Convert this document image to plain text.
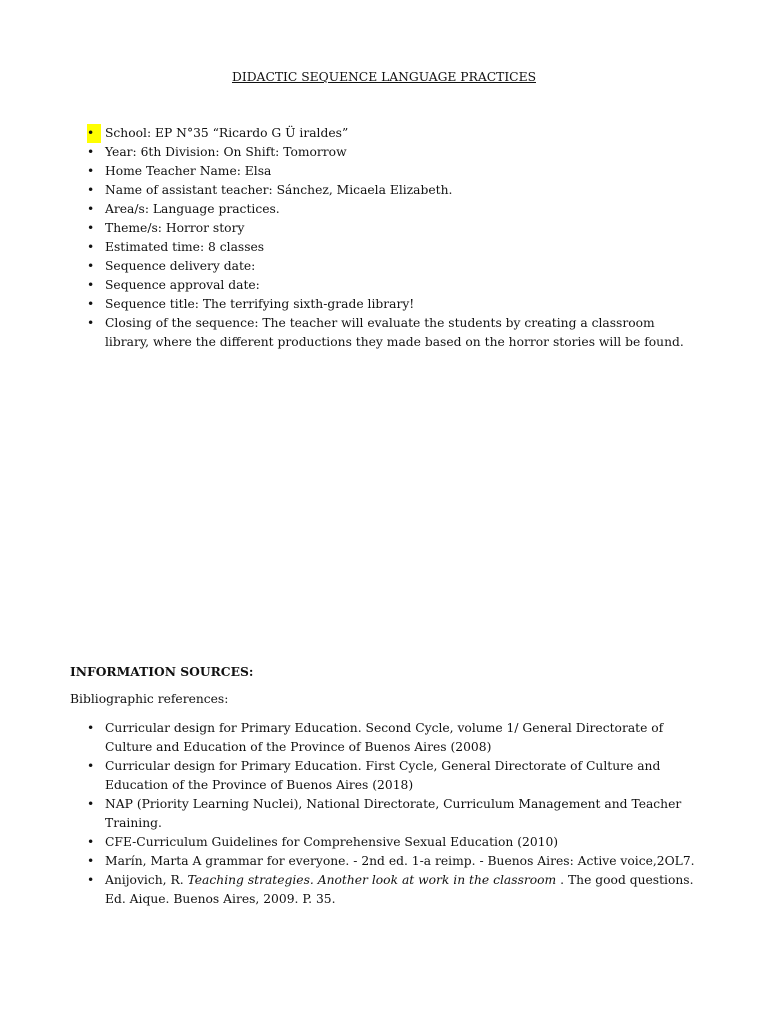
DIDACTIC SEQUENCE LANGUAGE PRACTICES
• School: EP N°35 “Ricardo G Ü iraldes”
• Year: 6th Division: On Shift: Tomorrow
• Home Teacher Name: Elsa
• Name of assistant teacher: Sánchez, Micaela Elizabeth.
• Area/s: Language practices.
• Theme/s: Horror story
• Estimated time: 8 classes
• Sequence delivery date:
• Sequence approval date:
• Sequence title: The terrifying sixth-grade library!
• Closing of the sequence: The teacher will evaluate the students by creating a classroom library, where the different productions they made based on the horror stories will be found.
INFORMATION SOURCES:
Bibliographic references:
• Curricular design for Primary Education. Second Cycle, volume 1/ General Directorate of Culture and Education of the Province of Buenos Aires (2008)
• Curricular design for Primary Education. First Cycle, General Directorate of Culture and Education of the Province of Buenos Aires (2018)
• NAP (Priority Learning Nuclei), National Directorate, Curriculum Management and Teacher Training.
• CFE-Curriculum Guidelines for Comprehensive Sexual Education (2010)
• Marín, Marta A grammar for everyone. - 2nd ed. 1-a reimp. - Buenos Aires: Active voice,2OL7.
• Anijovich, R. Teaching strategies. Another look at work in the classroom . The good questions. Ed. Aique. Buenos Aires, 2009. P. 35.
